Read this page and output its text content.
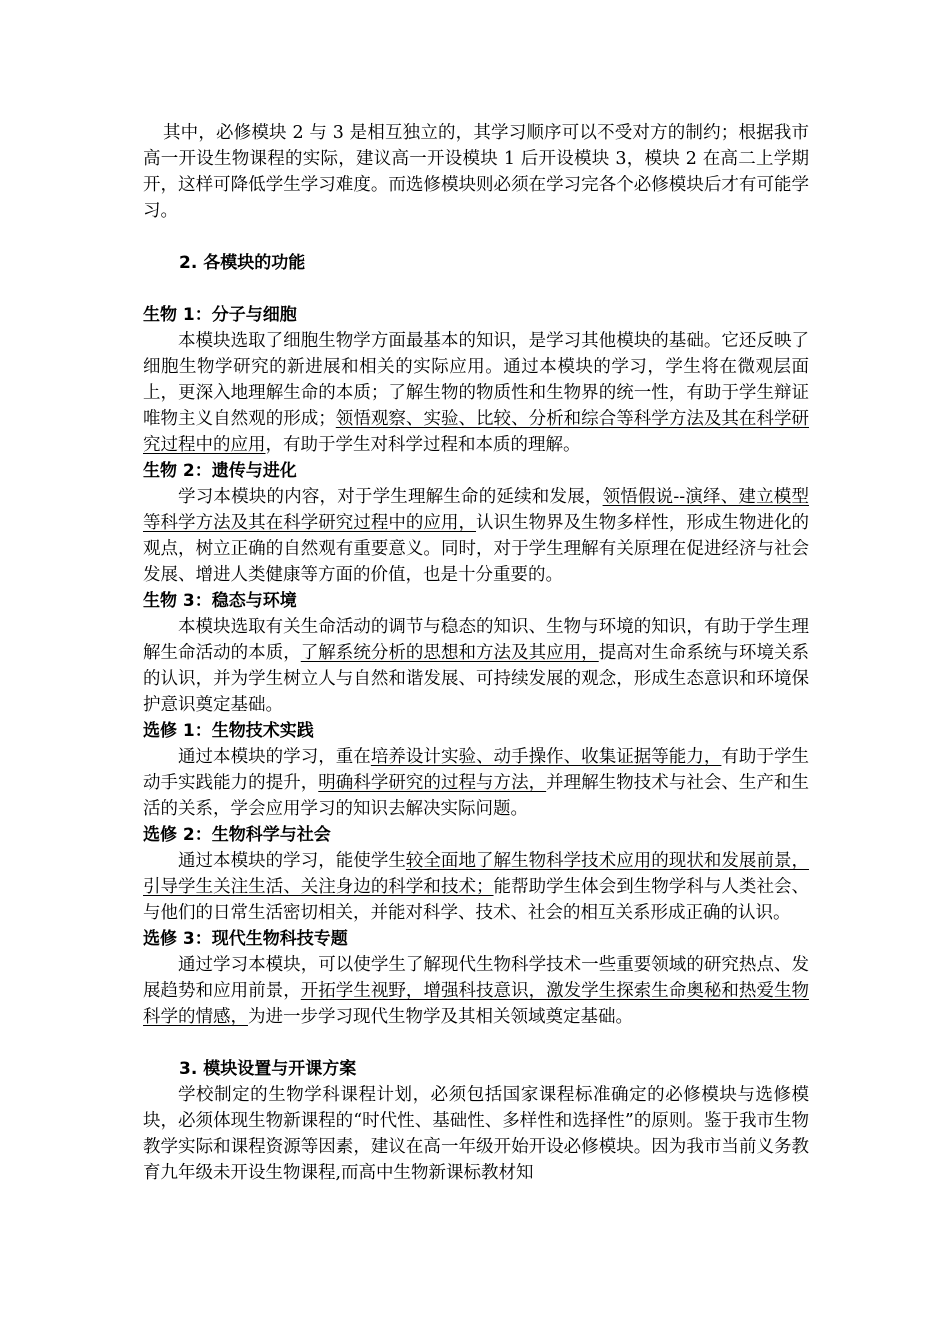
其中，必修模块 2 与 3 是相互独立的，其学习顺序可以不受对方的制约；根据我市高一开设生物课程的实际，建议高一开设模块 1 后开设模块 3，模块 2 在高二上学期开，这样可降低学生学习难度。而选修模块则必须在学习完各个必修模块后才有可能学习。

2. 各模块的功能

生物 1：分子与细胞

本模块选取了细胞生物学方面最基本的知识，是学习其他模块的基础。它还反映了细胞生物学研究的新进展和相关的实际应用。通过本模块的学习，学生将在微观层面上，更深入地理解生命的本质；了解生物的物质性和生物界的统一性，有助于学生辩证唯物主义自然观的形成；领悟观察、实验、比较、分析和综合等科学方法及其在科学研究过程中的应用，有助于学生对科学过程和本质的理解。

生物 2：遗传与进化

学习本模块的内容，对于学生理解生命的延续和发展，领悟假说--演绎、建立模型等科学方法及其在科学研究过程中的应用，认识生物界及生物多样性，形成生物进化的观点，树立正确的自然观有重要意义。同时，对于学生理解有关原理在促进经济与社会发展、增进人类健康等方面的价值，也是十分重要的。

生物 3：稳态与环境

本模块选取有关生命活动的调节与稳态的知识、生物与环境的知识，有助于学生理解生命活动的本质，了解系统分析的思想和方法及其应用，提高对生命系统与环境关系的认识，并为学生树立人与自然和谐发展、可持续发展的观念，形成生态意识和环境保护意识奠定基础。

选修 1：生物技术实践

通过本模块的学习，重在培养设计实验、动手操作、收集证据等能力，有助于学生动手实践能力的提升，明确科学研究的过程与方法，并理解生物技术与社会、生产和生活的关系，学会应用学习的知识去解决实际问题。

选修 2：生物科学与社会

通过本模块的学习，能使学生较全面地了解生物科学技术应用的现状和发展前景，引导学生关注生活、关注身边的科学和技术；能帮助学生体会到生物学科与人类社会、与他们的日常生活密切相关，并能对科学、技术、社会的相互关系形成正确的认识。

选修 3：现代生物科技专题

通过学习本模块，可以使学生了解现代生物科学技术一些重要领域的研究热点、发展趋势和应用前景，开拓学生视野，增强科技意识，激发学生探索生命奥秘和热爱生物科学的情感，为进一步学习现代生物学及其相关领域奠定基础。

3. 模块设置与开课方案

学校制定的生物学科课程计划，必须包括国家课程标准确定的必修模块与选修模块，必须体现生物新课程的“时代性、基础性、多样性和选择性”的原则。鉴于我市生物教学实际和课程资源等因素，建议在高一年级开始开设必修模块。因为我市当前义务教育九年级未开设生物课程,而高中生物新课标教材知
